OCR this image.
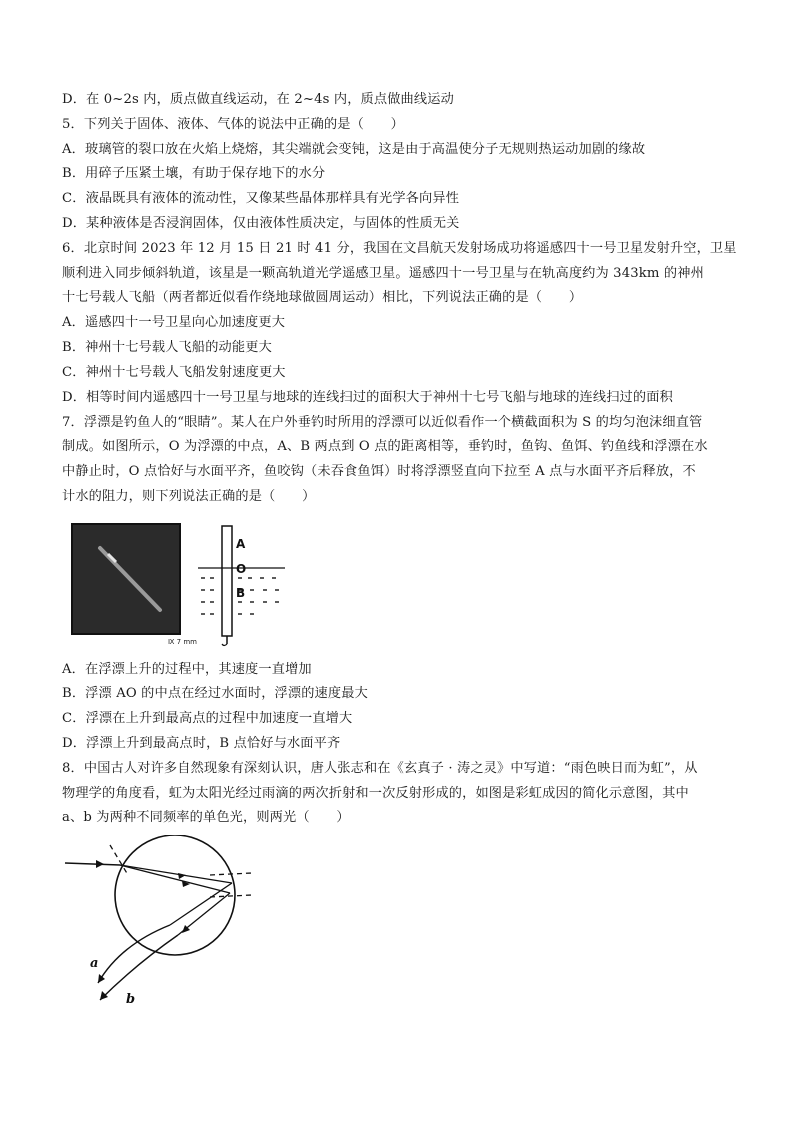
D．在 0~2s 内，质点做直线运动，在 2~4s 内，质点做曲线运动
5．下列关于固体、液体、气体的说法中正确的是（　　）
A．玻璃管的裂口放在火焰上烧熔，其尖端就会变钝，这是由于高温使分子无规则热运动加剧的缘故
B．用碎子压紧土壤，有助于保存地下的水分
C．液晶既具有液体的流动性，又像某些晶体那样具有光学各向异性
D．某种液体是否浸润固体，仅由液体性质决定，与固体的性质无关
6．北京时间 2023 年 12 月 15 日 21 时 41 分，我国在文昌航天发射场成功将遥感四十一号卫星发射升空，卫星
顺利进入同步倾斜轨道，该星是一颗高轨道光学遥感卫星。遥感四十一号卫星与在轨高度约为 343km 的神州
十七号载人飞船（两者都近似看作绕地球做圆周运动）相比，下列说法正确的是（　　）
A．遥感四十一号卫星向心加速度更大
B．神州十七号载人飞船的动能更大
C．神州十七号载人飞船发射速度更大
D．相等时间内遥感四十一号卫星与地球的连线扫过的面积大于神州十七号飞船与地球的连线扫过的面积
7．浮漂是钓鱼人的“眼睛”。某人在户外垂钓时所用的浮漂可以近似看作一个横截面积为 S 的均匀泡沫细直管
制成。如图所示，O 为浮漂的中点，A、B 两点到 O 点的距离相等，垂钓时，鱼钩、鱼饵、钓鱼线和浮漂在水
中静止时，O 点恰好与水面平齐，鱼咬钩（未吞食鱼饵）时将浮漂竖直向下拉至 A 点与水面平齐后释放，不
计水的阻力，则下列说法正确的是（　　）
Ⅸ 7 mm
A
O
B
A．在浮漂上升的过程中，其速度一直增加
B．浮漂 AO 的中点在经过水面时，浮漂的速度最大
C．浮漂在上升到最高点的过程中加速度一直增大
D．浮漂上升到最高点时，B 点恰好与水面平齐
8．中国古人对许多自然现象有深刻认识，唐人张志和在《玄真子 · 涛之灵》中写道：“雨色映日而为虹”，从
物理学的角度看，虹为太阳光经过雨滴的两次折射和一次反射形成的，如图是彩虹成因的简化示意图，其中
a、b 为两种不同频率的单色光，则两光（　　）
a
b
